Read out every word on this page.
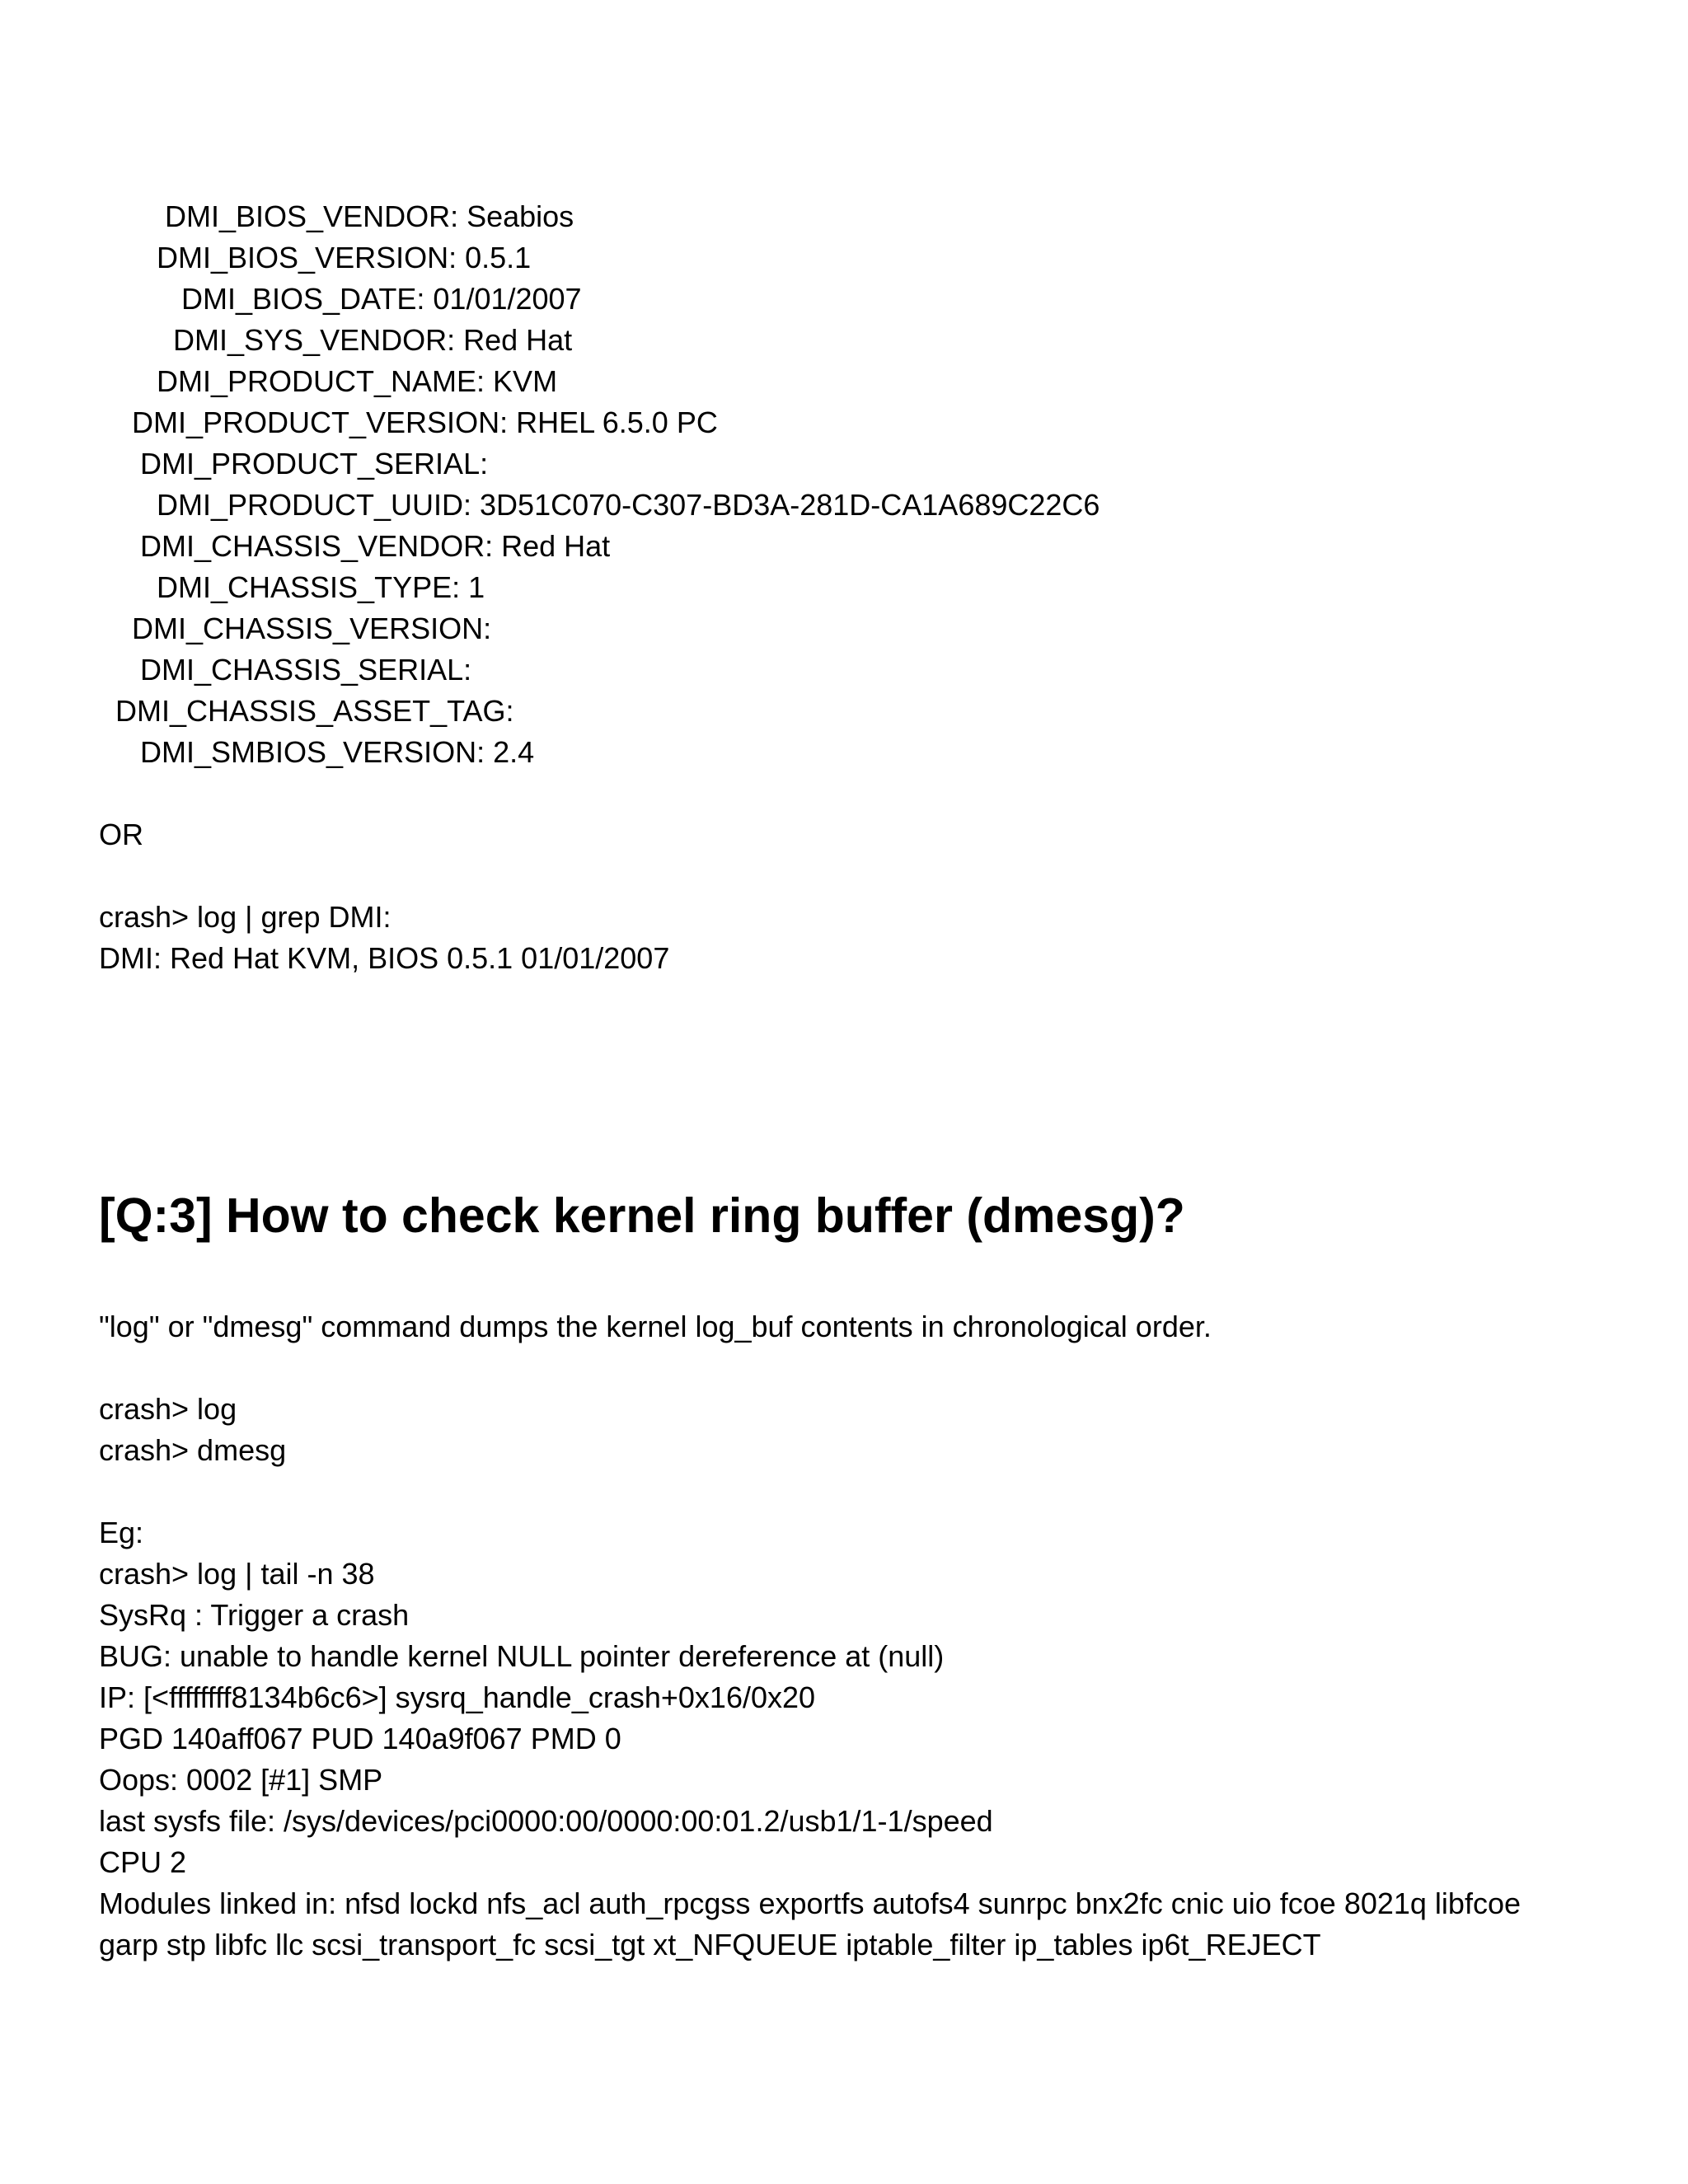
DMI_BIOS_VENDOR: Seabios
DMI_BIOS_VERSION: 0.5.1
DMI_BIOS_DATE: 01/01/2007
DMI_SYS_VENDOR: Red Hat
DMI_PRODUCT_NAME: KVM
DMI_PRODUCT_VERSION: RHEL 6.5.0 PC
DMI_PRODUCT_SERIAL:
DMI_PRODUCT_UUID: 3D51C070-C307-BD3A-281D-CA1A689C22C6
DMI_CHASSIS_VENDOR: Red Hat
DMI_CHASSIS_TYPE: 1
DMI_CHASSIS_VERSION:
DMI_CHASSIS_SERIAL:
DMI_CHASSIS_ASSET_TAG:
DMI_SMBIOS_VERSION: 2.4
OR
crash> log | grep DMI:
DMI: Red Hat KVM, BIOS 0.5.1 01/01/2007
[Q:3] How to check kernel ring buffer (dmesg)?
"log" or "dmesg" command dumps the kernel log_buf contents in chronological order.
crash> log
crash> dmesg
Eg:
crash> log | tail -n 38
SysRq : Trigger a crash
BUG: unable to handle kernel NULL pointer dereference at (null)
IP: [<ffffffff8134b6c6>] sysrq_handle_crash+0x16/0x20
PGD 140aff067 PUD 140a9f067 PMD 0
Oops: 0002 [#1] SMP
last sysfs file: /sys/devices/pci0000:00/0000:00:01.2/usb1/1-1/speed
CPU 2
Modules linked in: nfsd lockd nfs_acl auth_rpcgss exportfs autofs4 sunrpc bnx2fc cnic uio fcoe 8021q libfcoe
garp stp libfc llc scsi_transport_fc scsi_tgt xt_NFQUEUE iptable_filter ip_tables ip6t_REJECT
